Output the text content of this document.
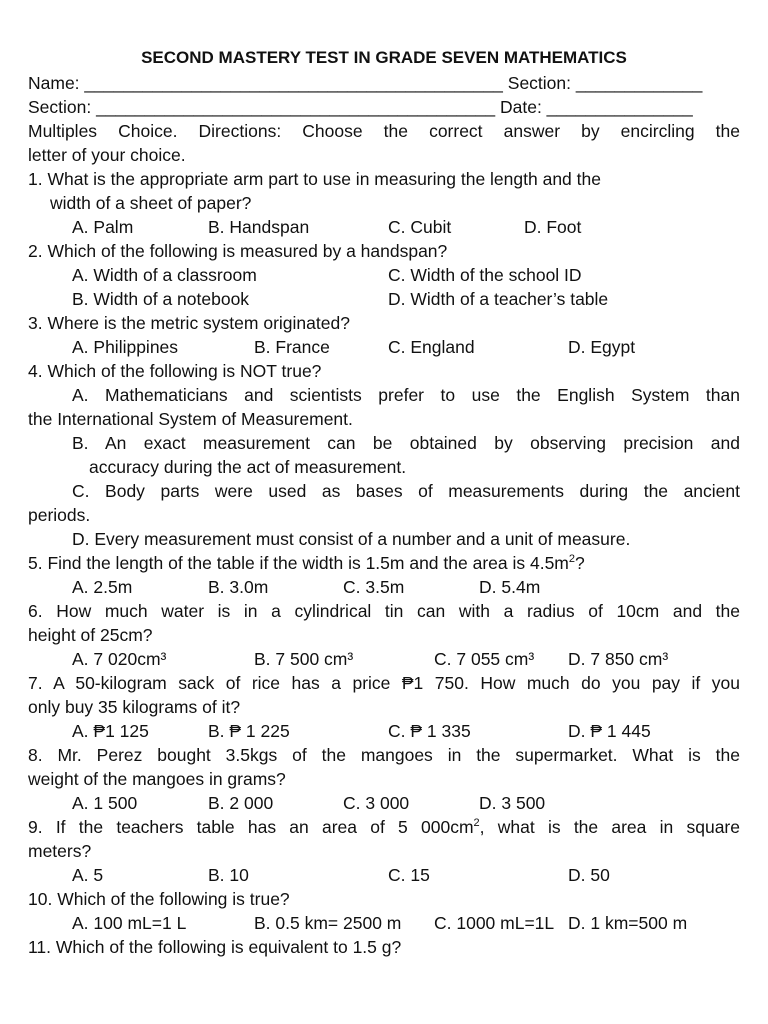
SECOND MASTERY TEST IN GRADE SEVEN MATHEMATICS
Name: ___________________________________________ Section: _____________
Section: _________________________________________ Date: _______________
Multiples Choice. Directions: Choose the correct answer by encircling the
letter of your choice.
1. What is the appropriate arm part to use in measuring the length and the
width of a sheet of paper?
A. Palm	B. Handspan	C. Cubit	D. Foot
2. Which of the following is measured by a handspan?
A. Width of a classroom	C. Width of the school ID
B. Width of a notebook	D. Width of a teacher’s table
3. Where is the metric system originated?
A. Philippines	B. France	C. England	D. Egypt
4. Which of the following is NOT true?
A. Mathematicians and scientists prefer to use the English System than
the International System of Measurement.
B. An exact measurement can be obtained by observing precision and
accuracy during the act of measurement.
C. Body parts were used as bases of measurements during the ancient
periods.
D. Every measurement must consist of a number and a unit of measure.
5. Find the length of the table if the width is 1.5m and the area is $4.5m^2$?
A. 2.5m	B. 3.0m	C. 3.5m	D. 5.4m
6. How much water is in a cylindrical tin can with a radius of 10cm and the
height of 25cm?
A. 7 020cm³	B. 7 500 cm³	C. 7 055 cm³ D. 7 850 cm³
7. A 50-kilogram sack of rice has a price ₱1 750. How much do you pay if you
only buy 35 kilograms of it?
A. ₱1 125	B. ₱ 1 225	C. ₱ 1 335	D. ₱ 1 445
8. Mr. Perez bought 3.5kgs of the mangoes in the supermarket. What is the
weight of the mangoes in grams?
A. 1 500	B. 2 000	C. 3 000	D. 3 500
9. If the teachers table has an area of 5 $000cm^2$, what is the area in square
meters?
A. 5	B. 10	C. 15	D. 50
10. Which of the following is true?
A. 100 mL=1 L	B. 0.5 km= 2500 m C. 1000 mL=1L D. 1 km=500 m
11. Which of the following is equivalent to 1.5 g?
